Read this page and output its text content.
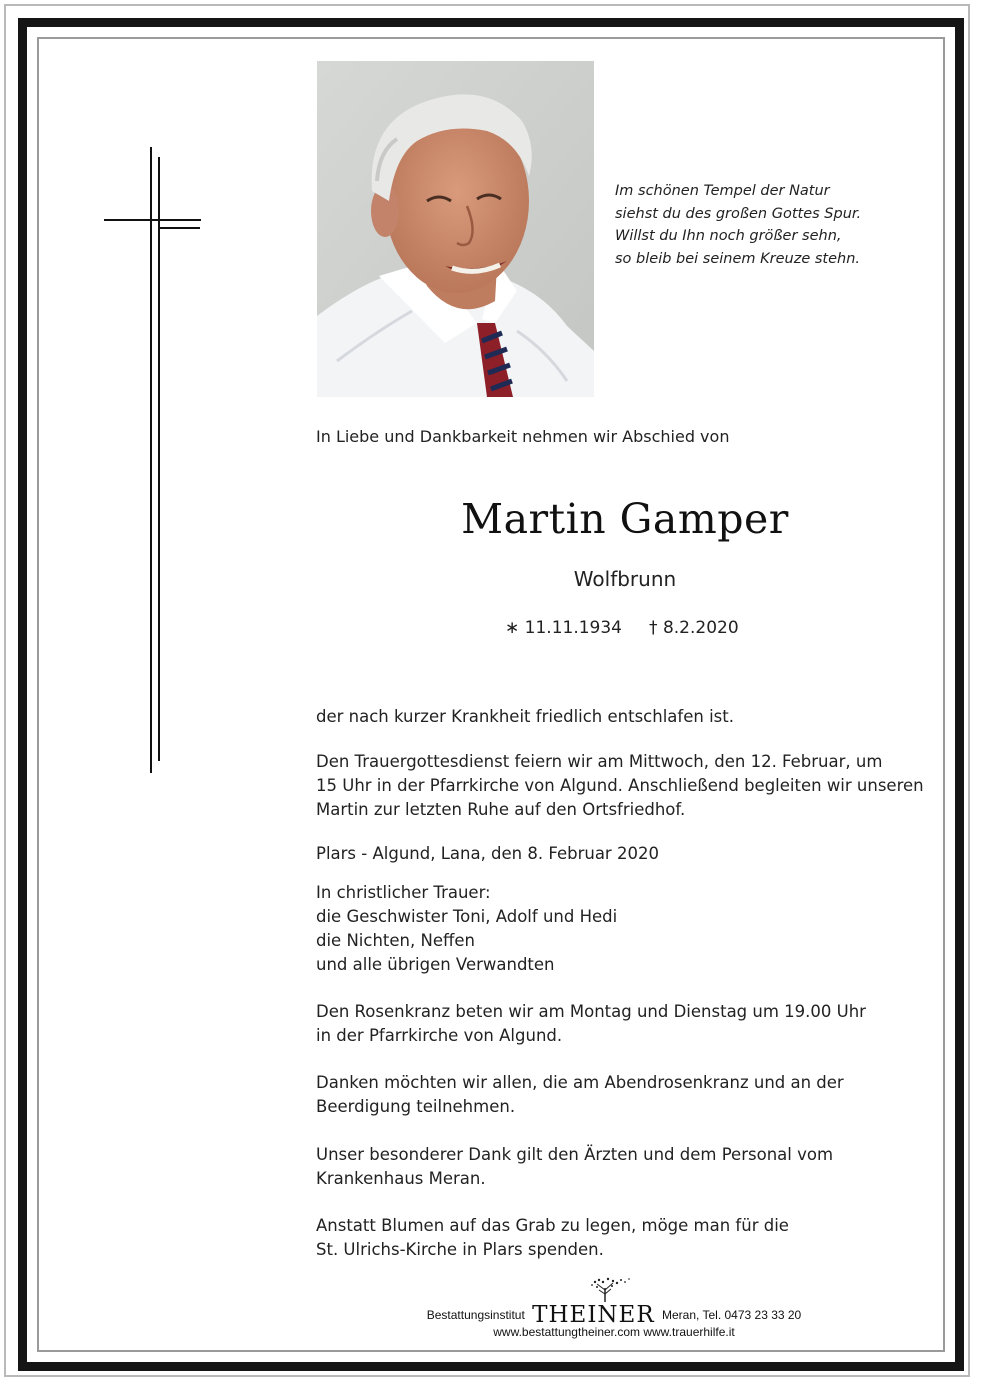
Im schönen Tempel der Natur
siehst du des großen Gottes Spur.
Willst du Ihn noch größer sehn,
so bleib bei seinem Kreuze stehn.
In Liebe und Dankbarkeit nehmen wir Abschied von
Martin Gamper
Wolfbrunn
∗ 11.11.1934 † 8.2.2020
der nach kurzer Krankheit friedlich entschlafen ist.
Den Trauergottesdienst feiern wir am Mittwoch, den 12. Februar, um
15 Uhr in der Pfarrkirche von Algund. Anschließend begleiten wir unseren
Martin zur letzten Ruhe auf den Ortsfriedhof.
Plars - Algund, Lana, den 8. Februar 2020
In christlicher Trauer:
die Geschwister Toni, Adolf und Hedi
die Nichten, Neffen
und alle übrigen Verwandten
Den Rosenkranz beten wir am Montag und Dienstag um 19.00 Uhr
in der Pfarrkirche von Algund.
Danken möchten wir allen, die am Abendrosenkranz und an der
Beerdigung teilnehmen.
Unser besonderer Dank gilt den Ärzten und dem Personal vom
Krankenhaus Meran.
Anstatt Blumen auf das Grab zu legen, möge man für die
St. Ulrichs-Kirche in Plars spenden.
Bestattungsinstitut THEINER Meran, Tel. 0473 23 33 20
www.bestattungtheiner.com www.trauerhilfe.it
